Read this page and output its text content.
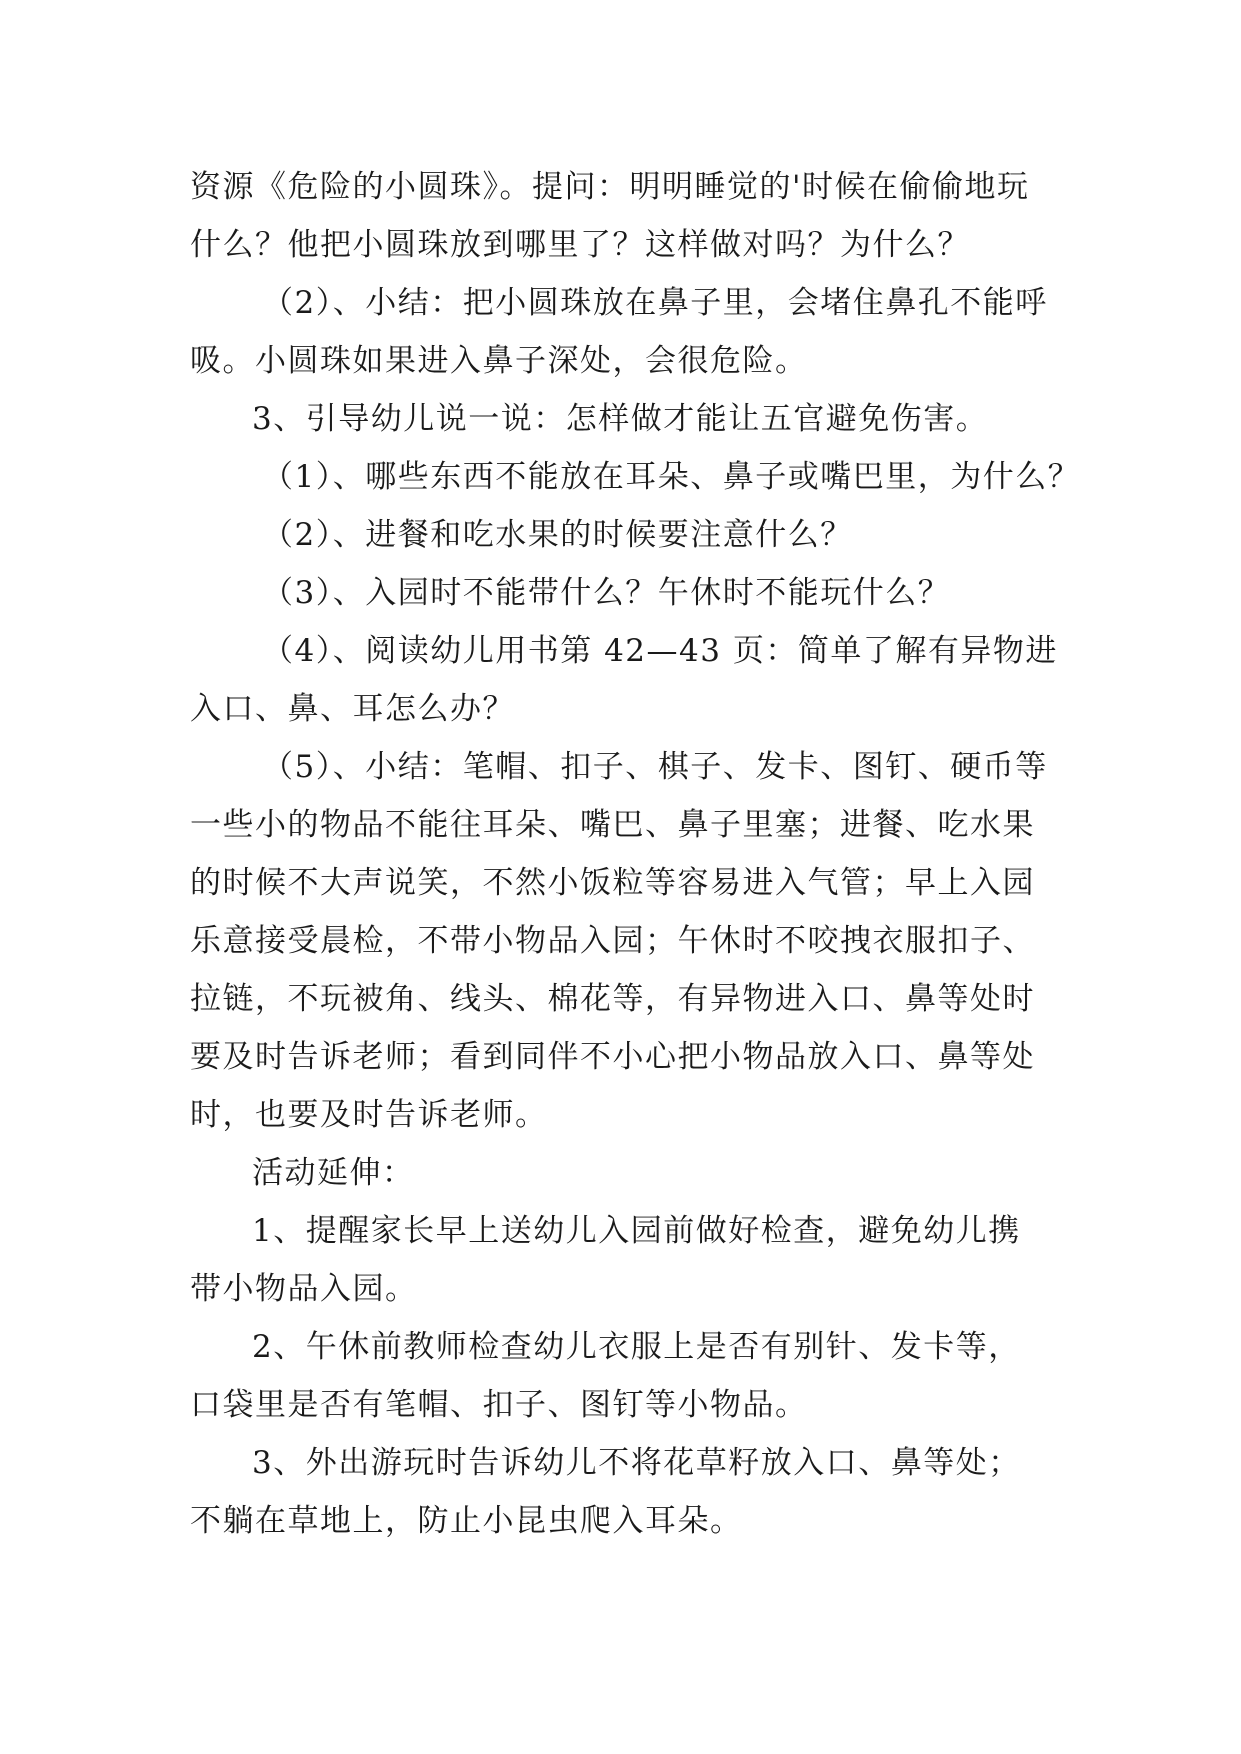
资源《危险的小圆珠》。提问：明明睡觉的'时候在偷偷地玩
什么？他把小圆珠放到哪里了？这样做对吗？为什么？
（2）、小结：把小圆珠放在鼻子里，会堵住鼻孔不能呼
吸。小圆珠如果进入鼻子深处，会很危险。
3、引导幼儿说一说：怎样做才能让五官避免伤害。
（1）、哪些东西不能放在耳朵、鼻子或嘴巴里，为什么？
（2）、进餐和吃水果的时候要注意什么？
（3）、入园时不能带什么？午休时不能玩什么？
（4）、阅读幼儿用书第 42—43 页：简单了解有异物进
入口、鼻、耳怎么办？
（5）、小结：笔帽、扣子、棋子、发卡、图钉、硬币等
一些小的物品不能往耳朵、嘴巴、鼻子里塞；进餐、吃水果
的时候不大声说笑，不然小饭粒等容易进入气管；早上入园
乐意接受晨检，不带小物品入园；午休时不咬拽衣服扣子、
拉链，不玩被角、线头、棉花等，有异物进入口、鼻等处时
要及时告诉老师；看到同伴不小心把小物品放入口、鼻等处
时，也要及时告诉老师。
活动延伸：
1、提醒家长早上送幼儿入园前做好检查，避免幼儿携
带小物品入园。
2、午休前教师检查幼儿衣服上是否有别针、发卡等，
口袋里是否有笔帽、扣子、图钉等小物品。
3、外出游玩时告诉幼儿不将花草籽放入口、鼻等处；
不躺在草地上，防止小昆虫爬入耳朵。
